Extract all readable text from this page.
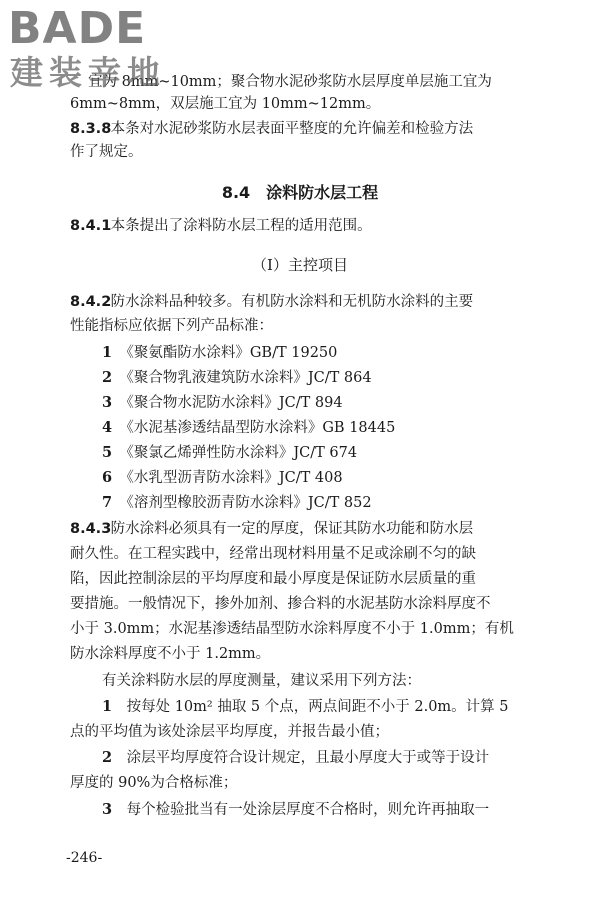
BADE
建装幸地
宜为 8mm~10mm；聚合物水泥砂浆防水层厚度单层施工宜为
6mm~8mm，双层施工宜为 10mm~12mm。
8.3.8 本条对水泥砂浆防水层表面平整度的允许偏差和检验方法
作了规定。
8.4　涂料防水层工程
8.4.1 本条提出了涂料防水层工程的适用范围。
（I）主控项目
8.4.2 防水涂料品种较多。有机防水涂料和无机防水涂料的主要
性能指标应依据下列产品标准：
1　 《聚氨酯防水涂料》GB/T 19250
2　 《聚合物乳液建筑防水涂料》JC/T 864
3　 《聚合物水泥防水涂料》JC/T 894
4　 《水泥基渗透结晶型防水涂料》GB 18445
5　 《聚氯乙烯弹性防水涂料》JC/T 674
6　 《水乳型沥青防水涂料》JC/T 408
7　 《溶剂型橡胶沥青防水涂料》JC/T 852
8.4.3 防水涂料必须具有一定的厚度，保证其防水功能和防水层
耐久性。在工程实践中，经常出现材料用量不足或涂刷不匀的缺
陷，因此控制涂层的平均厚度和最小厚度是保证防水层质量的重
要措施。一般情况下，掺外加剂、掺合料的水泥基防水涂料厚度不
小于 3.0mm；水泥基渗透结晶型防水涂料厚度不小于 1.0mm；有机
防水涂料厚度不小于 1.2mm。
有关涂料防水层的厚度测量，建议采用下列方法：
1　 按每处 10m² 抽取 5 个点，两点间距不小于 2.0m。计算 5
点的平均值为该处涂层平均厚度，并报告最小值；
2　 涂层平均厚度符合设计规定，且最小厚度大于或等于设计
厚度的 90%为合格标准；
3　 每个检验批当有一处涂层厚度不合格时，则允许再抽取一
-246-
